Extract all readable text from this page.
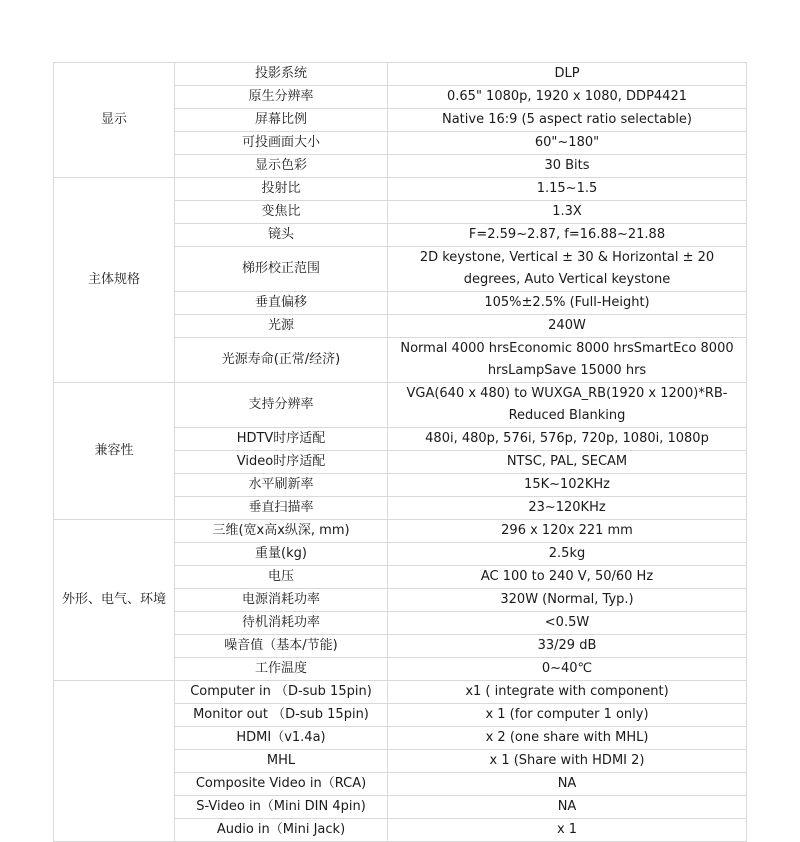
显示	投影系统	DLP
	原生分辨率	0.65" 1080p, 1920 x 1080, DDP4421
	屏幕比例	Native 16:9 (5 aspect ratio selectable)
	可投画面大小	60"~180"
	显示色彩	30 Bits
主体规格	投射比	1.15~1.5
	变焦比	1.3X
	镜头	F=2.59~2.87, f=16.88~21.88
	梯形校正范围	2D keystone, Vertical ± 30 & Horizontal ± 20 degrees, Auto Vertical keystone
	垂直偏移	105%±2.5% (Full-Height)
	光源	240W
	光源寿命(正常/经济)	Normal 4000 hrsEconomic 8000 hrsSmartEco 8000 hrsLampSave 15000 hrs
兼容性	支持分辨率	VGA(640 x 480) to WUXGA_RB(1920 x 1200)*RB-Reduced Blanking
	HDTV时序适配	480i, 480p, 576i, 576p, 720p, 1080i, 1080p
	Video时序适配	NTSC, PAL, SECAM
	水平刷新率	15K~102KHz
	垂直扫描率	23~120KHz
外形、电气、环境	三维(宽x高x纵深, mm)	296 x 120x 221 mm
	重量(kg)	2.5kg
	电压	AC 100 to 240 V, 50/60 Hz
	电源消耗功率	320W (Normal, Typ.)
	待机消耗功率	<0.5W
	噪音值（基本/节能)	33/29 dB
	工作温度	0~40℃
	Computer in （D-sub 15pin)	x1 ( integrate with component)
	Monitor out （D-sub 15pin)	x 1 (for computer 1 only)
	HDMI（v1.4a)	x 2 (one share with MHL)
	MHL	x 1 (Share with HDMI 2)
	Composite Video in（RCA)	NA
	S-Video in（Mini DIN 4pin)	NA
	Audio in（Mini Jack)	x 1
